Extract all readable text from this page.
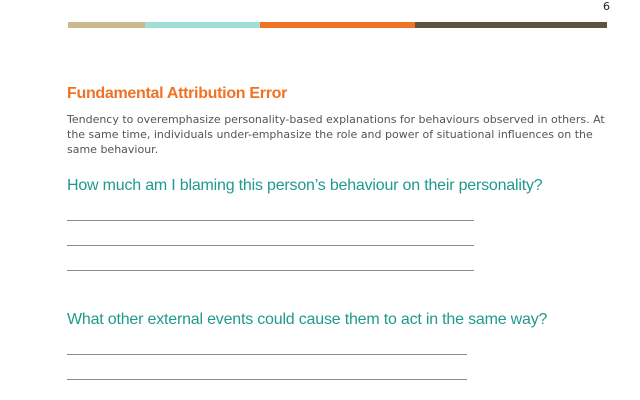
6
Fundamental Attribution Error

Tendency to overemphasize personality-based explanations for behaviours observed in others. At the same time, individuals under-emphasize the role and power of situational influences on the same behaviour.

How much am I blaming this person’s behaviour on their personality?

What other external events could cause them to act in the same way?
